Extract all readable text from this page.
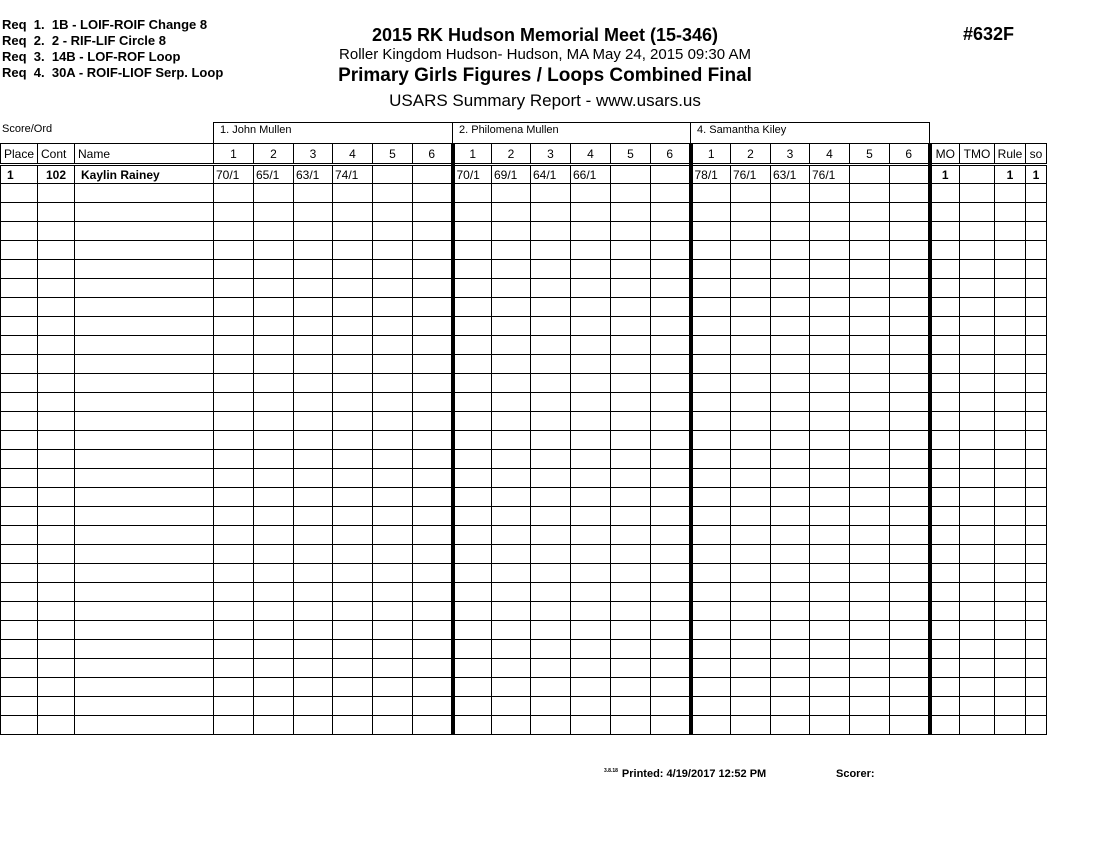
Req  1.  1B - LOIF-ROIF Change 8
Req  2.  2 - RIF-LIF Circle 8
Req  3.  14B - LOF-ROF Loop
Req  4.  30A - ROIF-LIOF Serp. Loop
2015 RK Hudson Memorial Meet (15-346)
Roller Kingdom Hudson- Hudson, MA May 24, 2015 09:30 AM
Primary Girls Figures / Loops Combined Final
USARS Summary Report - www.usars.us
#632F
Score/Ord	1. John Mullen	2. Philomena Mullen	4. Samantha Kiley
Place	Cont	Name	1	2	3	4	5	6	1	2	3	4	5	6	1	2	3	4	5	6	MO	TMO	Rule	so
1	102	Kaylin Rainey	70/1	65/1	63/1	74/1			70/1	69/1	64/1	66/1			78/1	76/1	63/1	76/1			1		1	1

$^{3.8.18}$ Printed: 4/19/2017 12:52 PM	Scorer:
